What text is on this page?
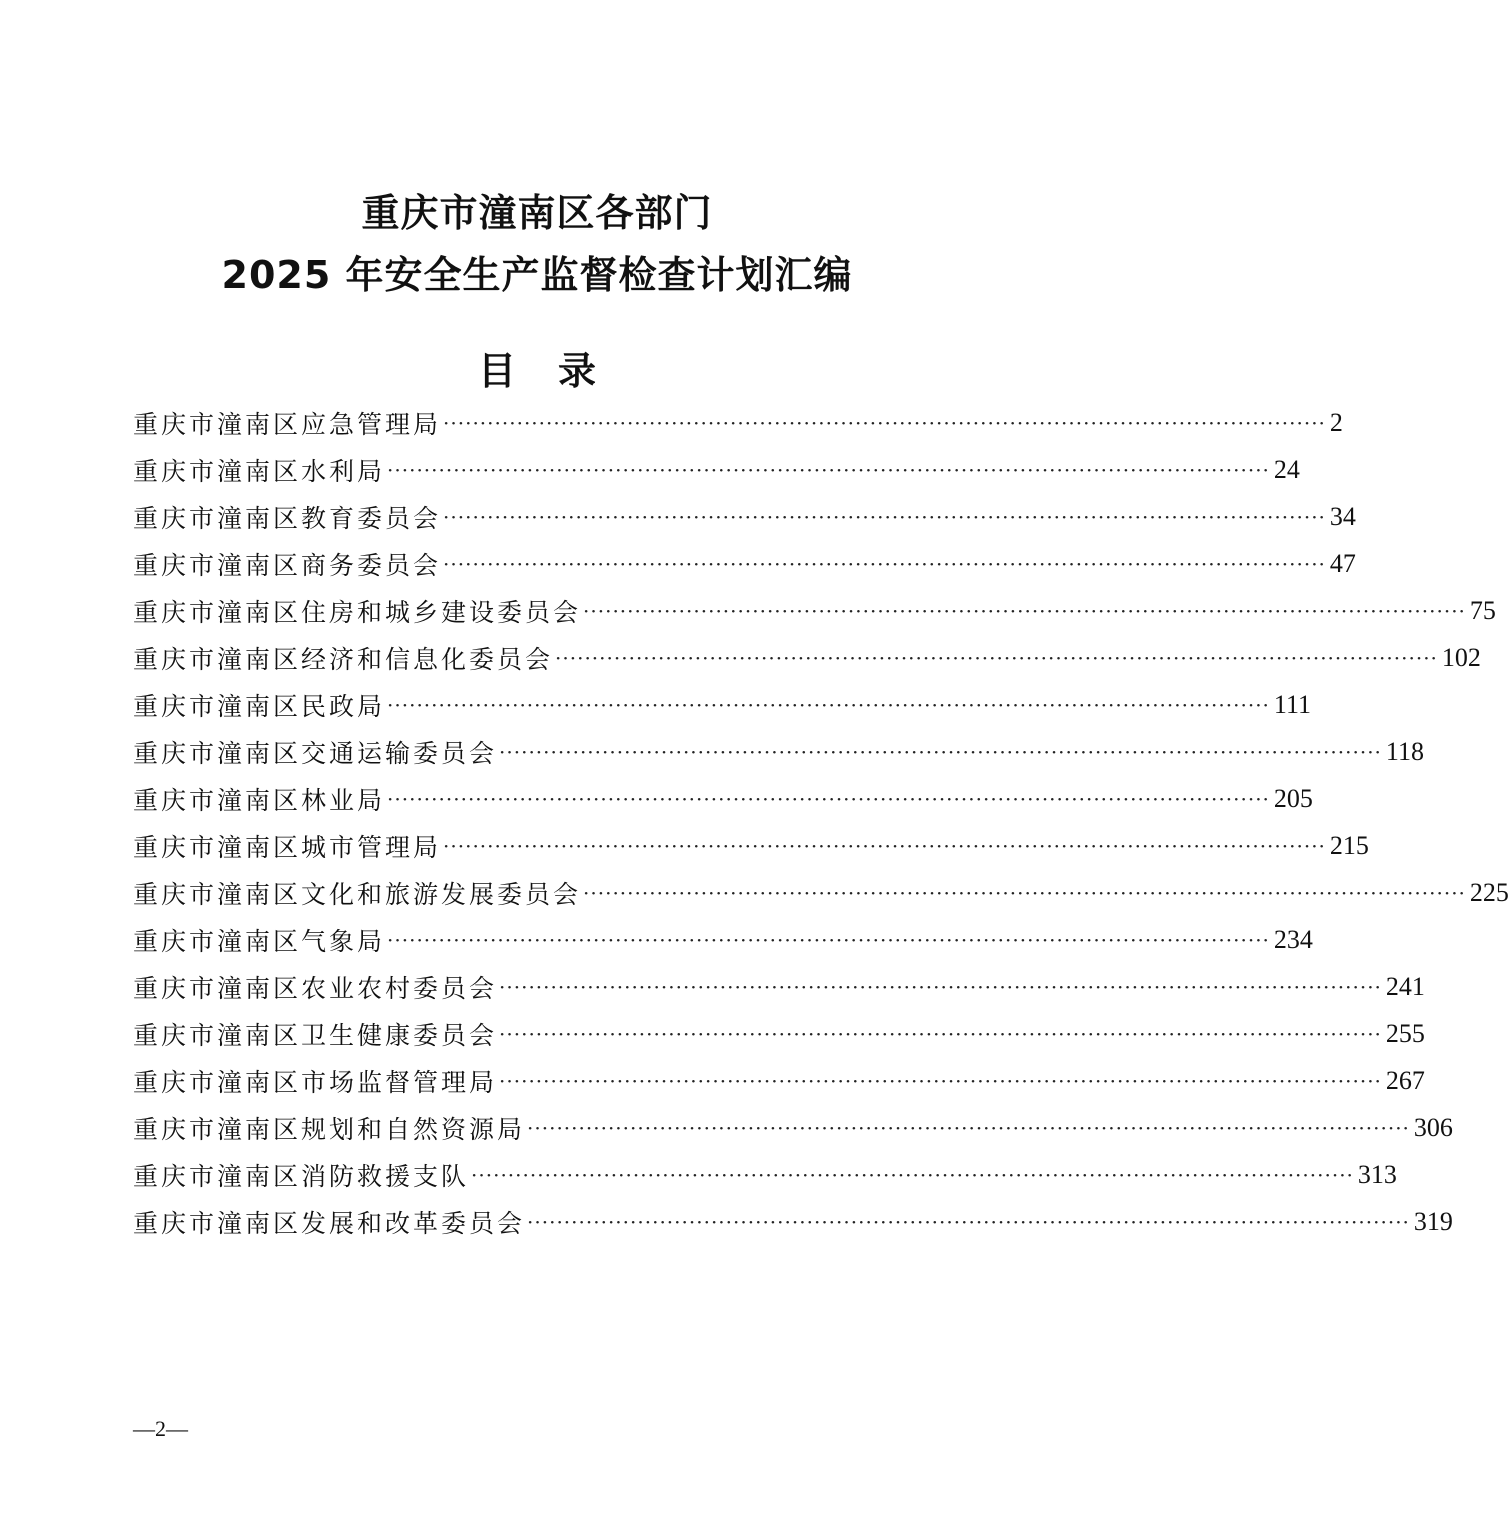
重庆市潼南区各部门
2025 年安全生产监督检查计划汇编
目 录
重庆市潼南区应急管理局 ························································································································ 2
重庆市潼南区水利局 ························································································································ 24
重庆市潼南区教育委员会 ························································································································ 34
重庆市潼南区商务委员会 ························································································································ 47
重庆市潼南区住房和城乡建设委员会 ························································································································ 75
重庆市潼南区经济和信息化委员会 ························································································································ 102
重庆市潼南区民政局 ························································································································ 111
重庆市潼南区交通运输委员会 ························································································································ 118
重庆市潼南区林业局 ························································································································ 205
重庆市潼南区城市管理局 ························································································································ 215
重庆市潼南区文化和旅游发展委员会 ························································································································ 225
重庆市潼南区气象局 ························································································································ 234
重庆市潼南区农业农村委员会 ························································································································ 241
重庆市潼南区卫生健康委员会 ························································································································ 255
重庆市潼南区市场监督管理局 ························································································································ 267
重庆市潼南区规划和自然资源局 ························································································································ 306
重庆市潼南区消防救援支队 ························································································································ 313
重庆市潼南区发展和改革委员会 ························································································································ 319
—2—
